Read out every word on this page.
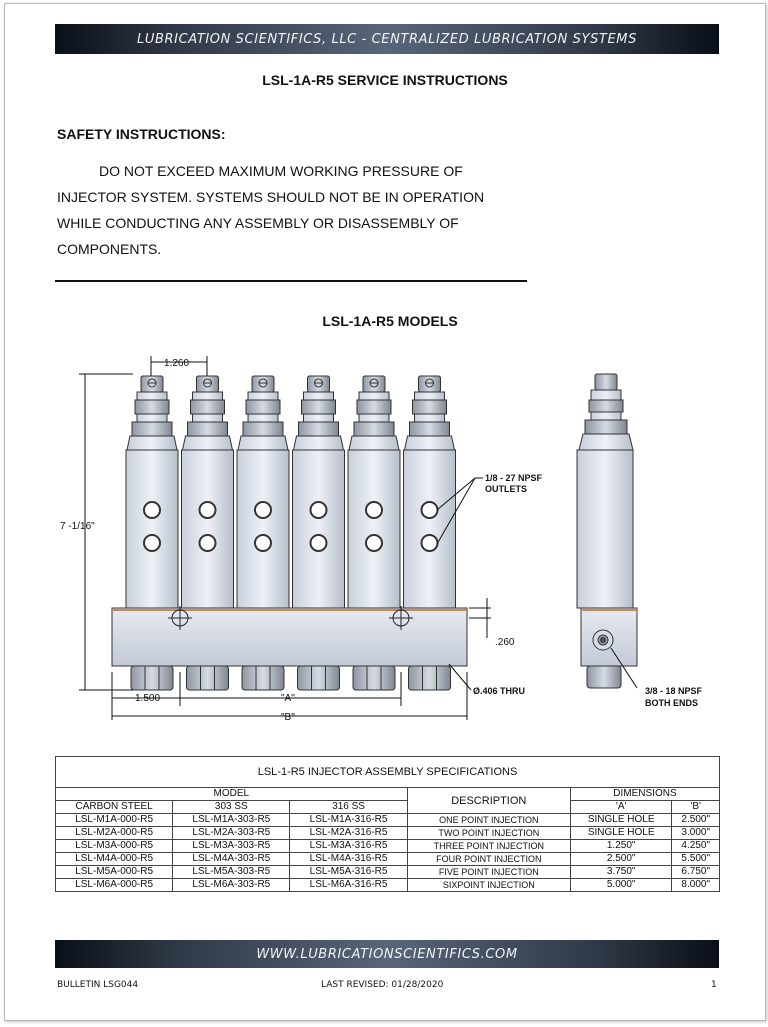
LUBRICATION SCIENTIFICS, LLC - CENTRALIZED LUBRICATION SYSTEMS
LSL-1A-R5 SERVICE INSTRUCTIONS
SAFETY INSTRUCTIONS:
DO NOT EXCEED MAXIMUM WORKING PRESSURE OF INJECTOR SYSTEM. SYSTEMS SHOULD NOT BE IN OPERATION WHILE CONDUCTING ANY ASSEMBLY OR DISASSEMBLY OF COMPONENTS.
LSL-1A-R5 MODELS
1.260
7 -1/16"
1/8 - 27 NPSF
OUTLETS
.260
Ø.406 THRU
1.500	"A"
"B"
3/8 - 18 NPSF
BOTH ENDS
LSL-1-R5 INJECTOR ASSEMBLY SPECIFICATIONS					
MODEL			DESCRIPTION	DIMENSIONS	
CARBON STEEL	303 SS	316 SS		'A'	'B'
LSL-M1A-000-R5	LSL-M1A-303-R5	LSL-M1A-316-R5	ONE POINT INJECTION	SINGLE HOLE	2.500"
LSL-M2A-000-R5	LSL-M2A-303-R5	LSL-M2A-316-R5	TWO POINT INJECTION	SINGLE HOLE	3.000"
LSL-M3A-000-R5	LSL-M3A-303-R5	LSL-M3A-316-R5	THREE POINT INJECTION	1.250"	4.250"
LSL-M4A-000-R5	LSL-M4A-303-R5	LSL-M4A-316-R5	FOUR POINT INJECTION	2.500"	5.500"
LSL-M5A-000-R5	LSL-M5A-303-R5	LSL-M5A-316-R5	FIVE POINT INJECTION	3.750"	6.750"
LSL-M6A-000-R5	LSL-M6A-303-R5	LSL-M6A-316-R5	SIXPOINT INJECTION	5.000"	8.000"
WWW.LUBRICATIONSCIENTIFICS.COM
BULLETIN LSG044	LAST REVISED: 01/28/2020	1
